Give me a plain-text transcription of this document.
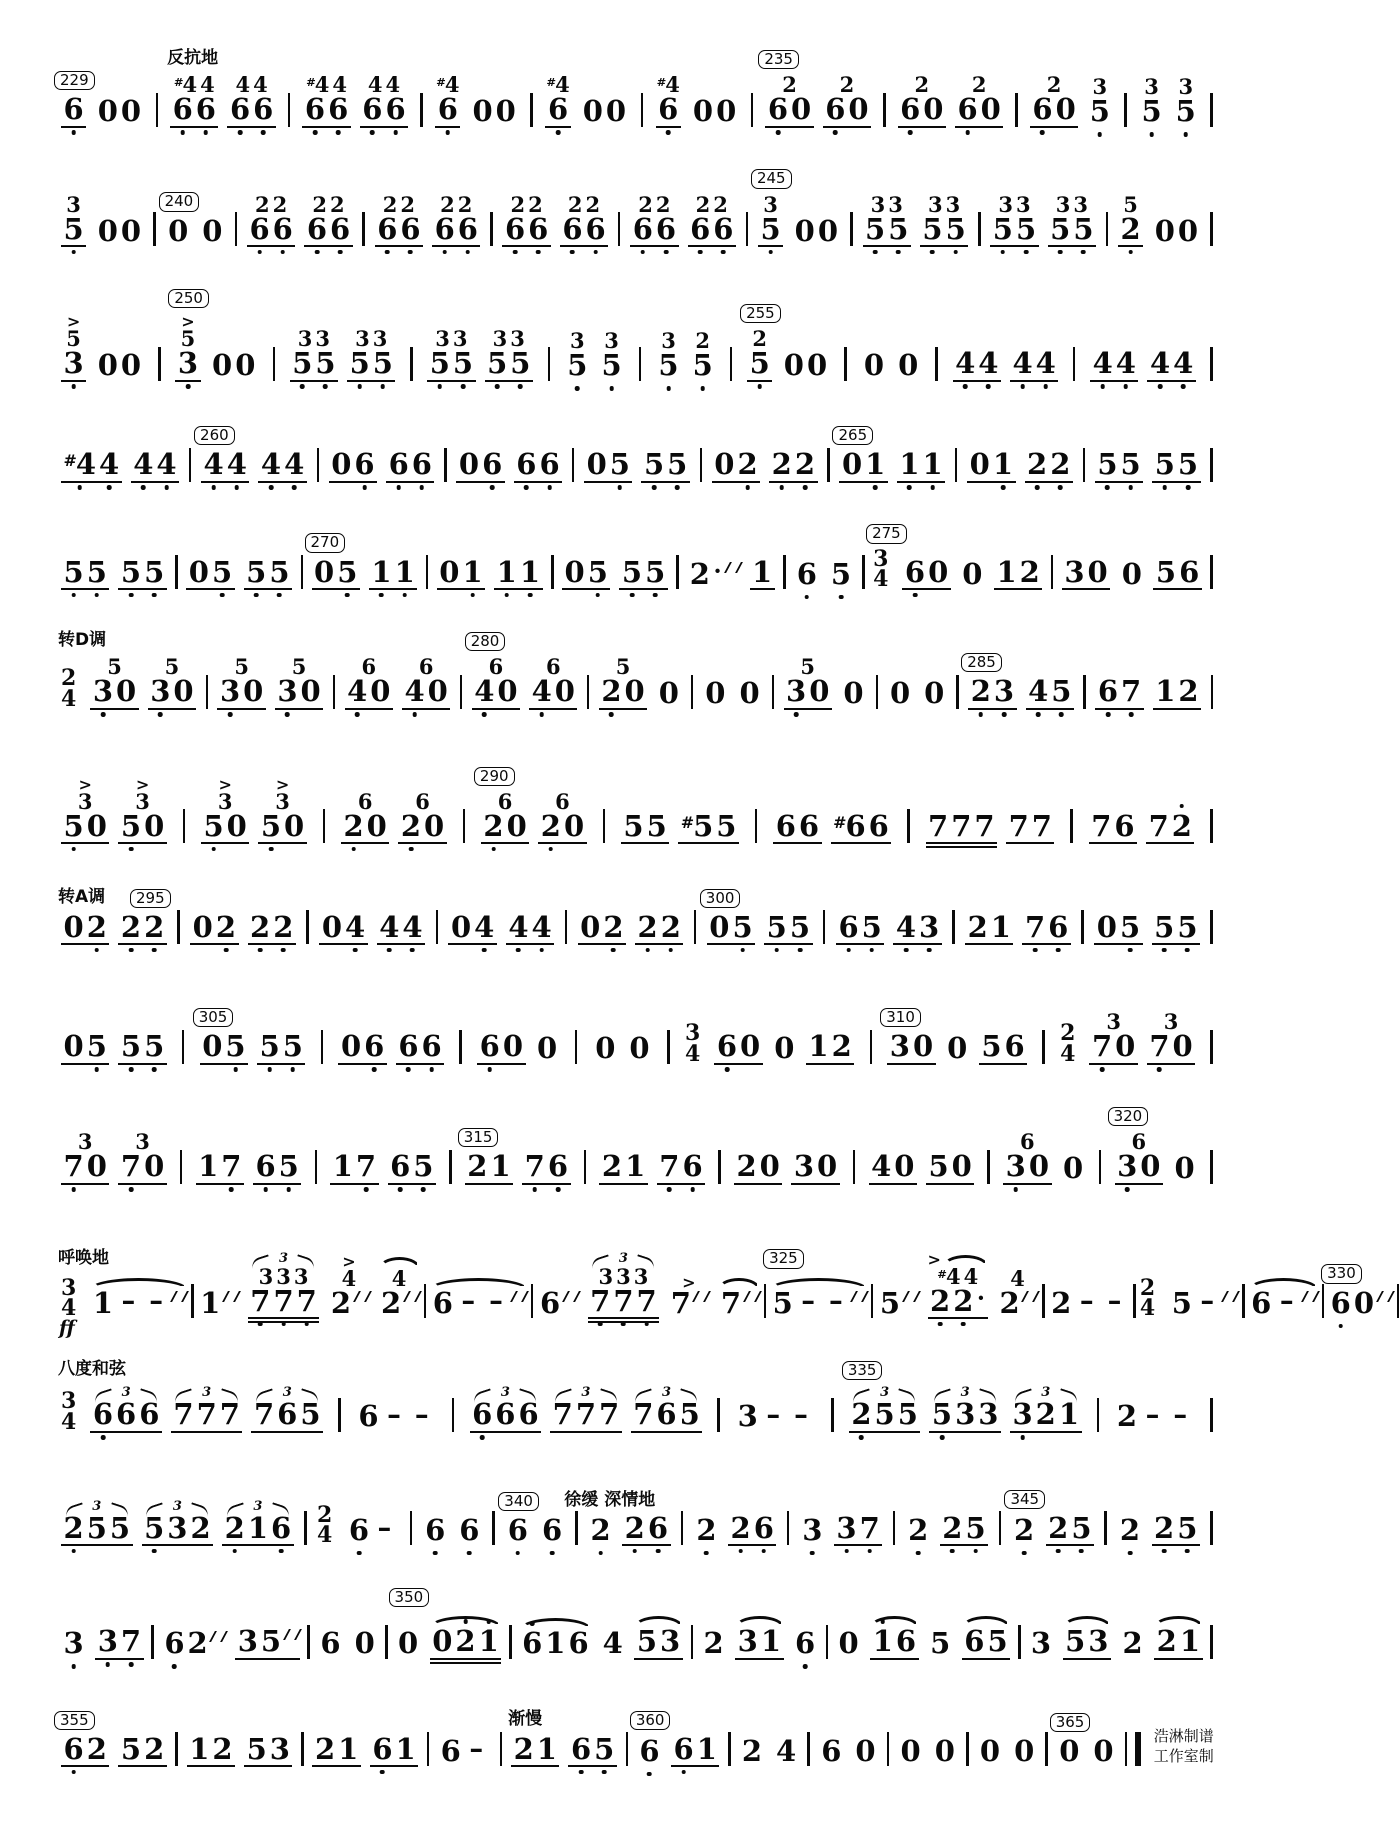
229
6 0 0
反抗地
#4 4
6 6
4 4
6 6
#4 4
6 6
4 4
6 6
#4
6 0 0
#4
6 0 0
#4
6 0 0
235
2
6 0
2
6 0
2
6 0
2
6 0
2
6 0
3
5
3
5
3
5
3
5 0 0
240
0 0
2 2
6 6
2 2
6 6
2 2
6 6
2 2
6 6
2 2
6 6
2 2
6 6
2 2
6 6
2 2
6 6
245
3
5 0 0
3 3
5 5
3 3
5 5
3 3
5 5
3 3
5 5
5
2 0 0
>
5
3 0 0
250
>
5
3 0 0
3 3
5 5
3 3
5 5
3 3
5 5
3 3
5 5
3
5
3
5
3
5
2
5
255
2
5 0 0 0 0 4 4 4 4 4 4 4 4
#4 4 4 4
260
4 4 4 4 0 6 6 6 0 6 6 6 0 5 5 5 0 2 2 2
265
0 1 1 1 0 1 2 2 5 5 5 5
5 5 5 5 0 5 5 5
270
0 5 1 1 0 1 1 1 0 5 5 5 2 · 1 6 5
275
3
4 6 0 0 1 2 3 0 0 5 6
转D调
2
4
5
3 0
5
3 0
5
3 0
5
3 0
6
4 0
6
4 0
280
6
4 0
6
4 0
5
2 0 0 0 0
5
3 0 0 0 0
285
2 3 4 5 6 7 1 2
>
3
5 0
>
3
5 0
>
3
5 0
>
3
5 0
6
2 0
6
2 0
290
6
2 0
6
2 0 5 5 #5 5 6 6 #6 6 7 7 7 7 7 7 6 7 2
295
转A调
0 2 2 2 0 2 2 2 0 4 4 4 0 4 4 4 0 2 2 2
300
0 5 5 5 6 5 4 3 2 1 7 6 0 5 5 5
0 5 5 5
305
0 5 5 5 0 6 6 6 6 0 0 0 0 3
4 6 0 0 1 2
310
3 0 0 5 6 2
4
3
7 0
3
7 0
3
7 0
3
7 0 1 7 6 5 1 7 6 5
315
2 1 7 6 2 1 7 6 2 0 3 0 4 0 5 0
6
3 0 0
320
6
3 0 0
呼唤地
3
4
ff
1 – – 1
3
3 3 3
7 7 7
>
4
2
4
2 6 – – 6
3
3 3 3
7 7 7
>
7 7
325
5 – – 5
>
#4 4
2 2 ·
4
2 2 – – 2
4 5 – 6 –
330
6 0
八度和弦
3
4
3
6 6 6
3
7 7 7
3
7 6 5 6 – –
3
6 6 6
3
7 7 7
3
7 6 5 3 – –
335
3
2 5 5
3
5 3 3
3
3 2 1 2 – –
3
2 5 5
3
5 3 2
3
2 1 6 2
4 6 – 6 6
340	徐缓 深情地
6 6 2 2 6 2 2 6 3 3 7 2 2 5
345
2 2 5 2 2 5
3 3 7 6 2 3 5 6 0
350
0 0 2 1 6 1 6 4 5 3 2 3 1 6 0 1 6 5 6 5 3 5 3 2 2 1
355
6 2 5 2 1 2 5 3 2 1 6 1 6 –
渐慢
2 1 6 5
360
6 6 1 2 4 6 0 0 0 0 0
365
0 0	浩淋制谱
工作室制
